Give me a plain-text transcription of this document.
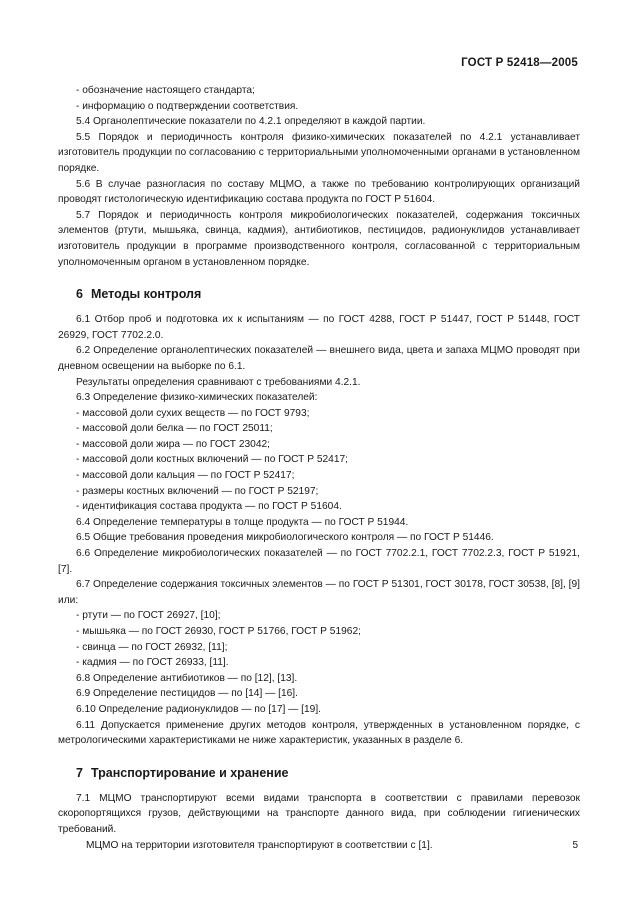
ГОСТ Р 52418—2005

- обозначение настоящего стандарта;

- информацию о подтверждении соответствия.

5.4 Органолептические показатели по 4.2.1 определяют в каждой партии.

5.5 Порядок и периодичность контроля физико-химических показателей по 4.2.1 устанавливает изготовитель продукции по согласованию с территориальными уполномоченными органами в установленном порядке.

5.6 В случае разногласия по составу МЦМО, а также по требованию контролирующих организаций проводят гистологическую идентификацию состава продукта по ГОСТ Р 51604.

5.7 Порядок и периодичность контроля микробиологических показателей, содержания токсичных элементов (ртути, мышьяка, свинца, кадмия), антибиотиков, пестицидов, радионуклидов устанавливает изготовитель продукции в программе производственного контроля, согласованной с территориальным уполномоченным органом в установленном порядке.

6 Методы контроля

6.1 Отбор проб и подготовка их к испытаниям — по ГОСТ 4288, ГОСТ Р 51447, ГОСТ Р 51448, ГОСТ 26929, ГОСТ 7702.2.0.

6.2 Определение органолептических показателей — внешнего вида, цвета и запаха МЦМО проводят при дневном освещении на выборке по 6.1.

Результаты определения сравнивают с требованиями 4.2.1.

6.3 Определение физико-химических показателей:

- массовой доли сухих веществ — по ГОСТ 9793;

- массовой доли белка — по ГОСТ 25011;

- массовой доли жира — по ГОСТ 23042;

- массовой доли костных включений — по ГОСТ Р 52417;

- массовой доли кальция — по ГОСТ Р 52417;

- размеры костных включений — по ГОСТ Р 52197;

- идентификация состава продукта — по ГОСТ Р 51604.

6.4 Определение температуры в толще продукта — по ГОСТ Р 51944.

6.5 Общие требования проведения микробиологического контроля — по ГОСТ Р 51446.

6.6 Определение микробиологических показателей — по ГОСТ 7702.2.1, ГОСТ 7702.2.3, ГОСТ Р 51921, [7].

6.7 Определение содержания токсичных элементов — по ГОСТ Р 51301, ГОСТ 30178, ГОСТ 30538, [8], [9] или:

- ртути — по ГОСТ 26927, [10];

- мышьяка — по ГОСТ 26930, ГОСТ Р 51766, ГОСТ Р 51962;

- свинца — по ГОСТ 26932, [11];

- кадмия — по ГОСТ 26933, [11].

6.8 Определение антибиотиков — по [12], [13].

6.9 Определение пестицидов — по [14] — [16].

6.10 Определение радионуклидов — по [17] — [19].

6.11 Допускается применение других методов контроля, утвержденных в установленном порядке, с метрологическими характеристиками не ниже характеристик, указанных в разделе 6.

7 Транспортирование и хранение

7.1 МЦМО транспортируют всеми видами транспорта в соответствии с правилами перевозок скоропортящихся грузов, действующими на транспорте данного вида, при соблюдении гигиенических требований.

МЦМО на территории изготовителя транспортируют в соответствии с [1].	5
